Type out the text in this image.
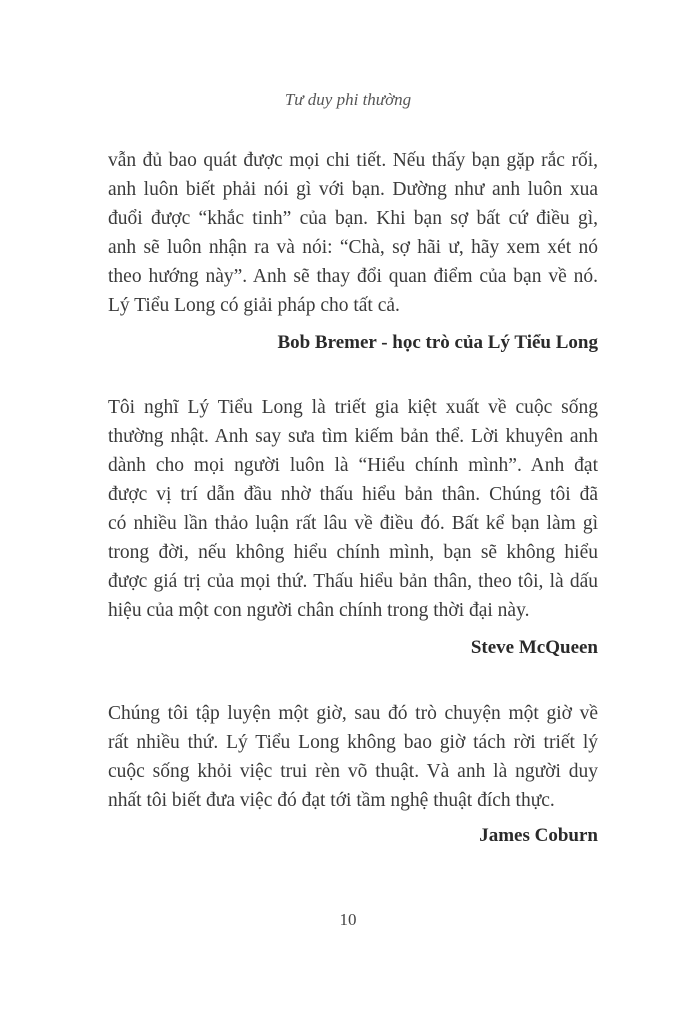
Tư duy phi thường
vẫn đủ bao quát được mọi chi tiết. Nếu thấy bạn gặp rắc rối,
anh luôn biết phải nói gì với bạn. Dường như anh luôn xua
đuổi được “khắc tinh” của bạn. Khi bạn sợ bất cứ điều gì,
anh sẽ luôn nhận ra và nói: “Chà, sợ hãi ư, hãy xem xét nó
theo hướng này”. Anh sẽ thay đổi quan điểm của bạn về nó.
Lý Tiểu Long có giải pháp cho tất cả.
Bob Bremer - học trò của Lý Tiểu Long
Tôi nghĩ Lý Tiểu Long là triết gia kiệt xuất về cuộc sống
thường nhật. Anh say sưa tìm kiếm bản thể. Lời khuyên anh
dành cho mọi người luôn là “Hiểu chính mình”. Anh đạt
được vị trí dẫn đầu nhờ thấu hiểu bản thân. Chúng tôi đã
có nhiều lần thảo luận rất lâu về điều đó. Bất kể bạn làm gì
trong đời, nếu không hiểu chính mình, bạn sẽ không hiểu
được giá trị của mọi thứ. Thấu hiểu bản thân, theo tôi, là dấu
hiệu của một con người chân chính trong thời đại này.
Steve McQueen
Chúng tôi tập luyện một giờ, sau đó trò chuyện một giờ về
rất nhiều thứ. Lý Tiểu Long không bao giờ tách rời triết lý
cuộc sống khỏi việc trui rèn võ thuật. Và anh là người duy
nhất tôi biết đưa việc đó đạt tới tầm nghệ thuật đích thực.
James Coburn
10
